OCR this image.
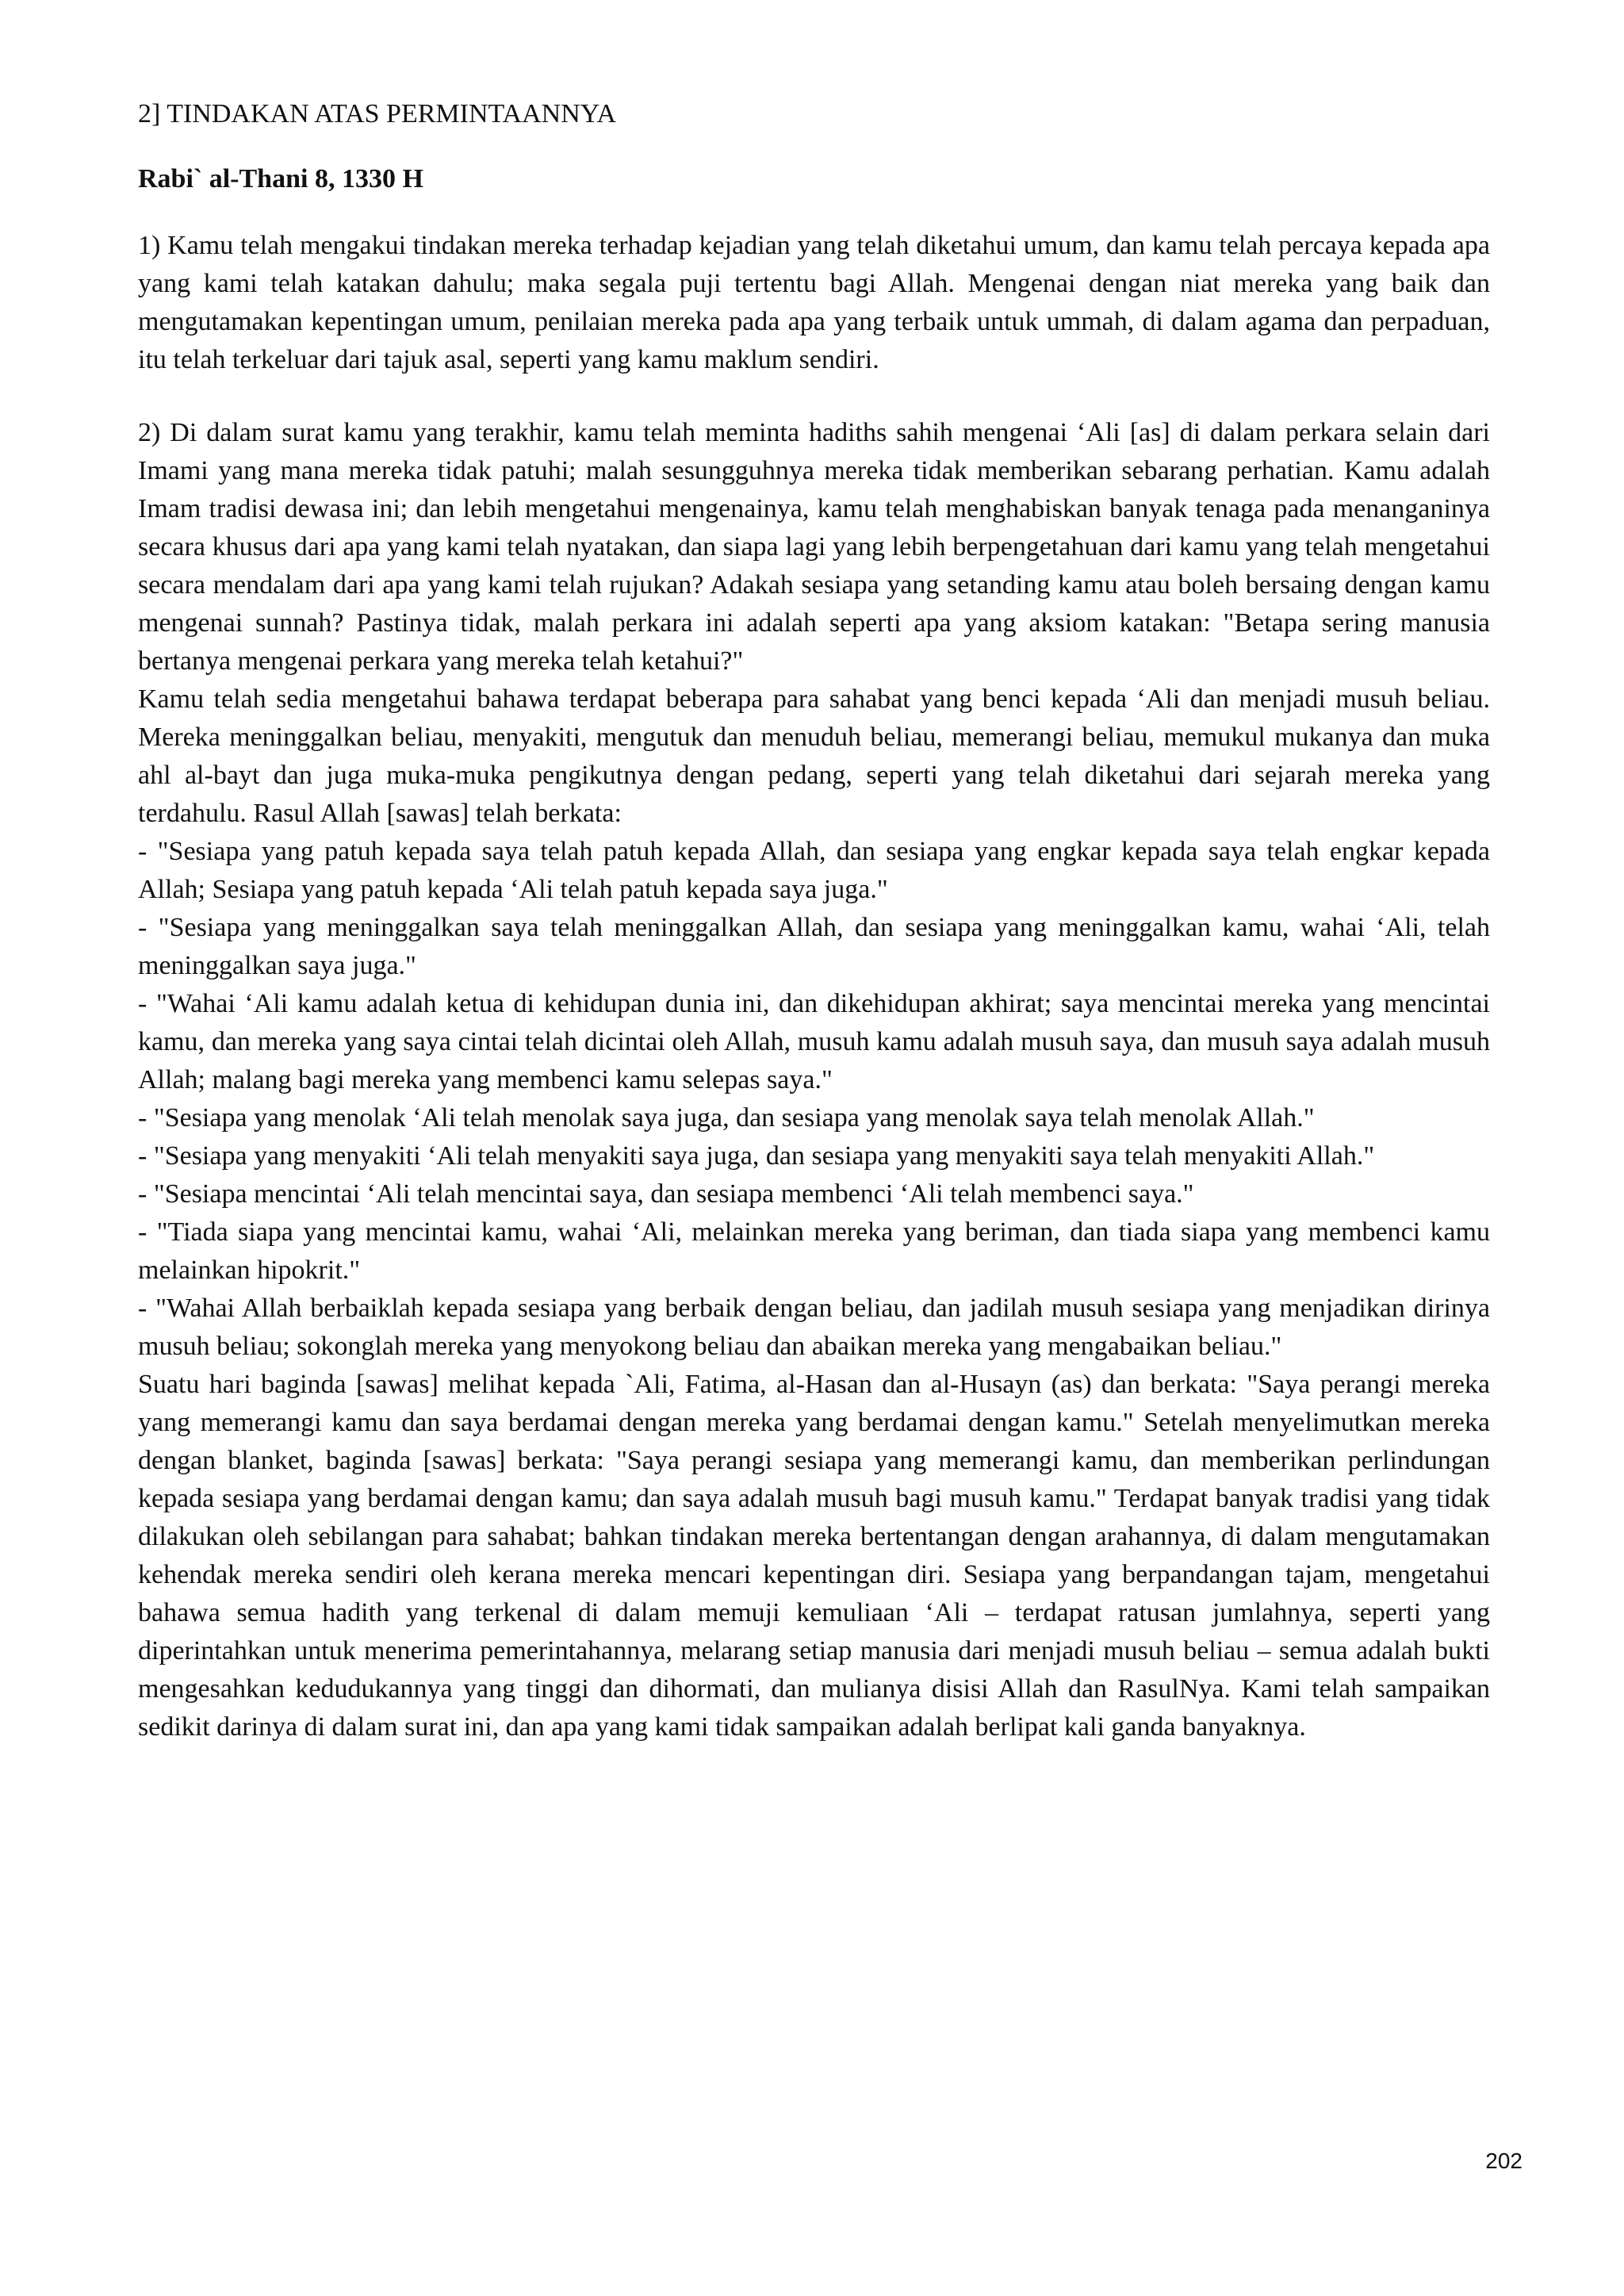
2] TINDAKAN ATAS PERMINTAANNYA
Rabi` al-Thani 8, 1330 H

1) Kamu telah mengakui tindakan mereka terhadap kejadian yang telah diketahui umum, dan kamu telah percaya kepada apa yang kami telah katakan dahulu; maka segala puji tertentu bagi Allah. Mengenai dengan niat mereka yang baik dan mengutamakan kepentingan umum, penilaian mereka pada apa yang terbaik untuk ummah, di dalam agama dan perpaduan, itu telah terkeluar dari tajuk asal, seperti yang kamu maklum sendiri.

2) Di dalam surat kamu yang terakhir, kamu telah meminta hadiths sahih mengenai ‘Ali [as] di dalam perkara selain dari Imami yang mana mereka tidak patuhi; malah sesungguhnya mereka tidak memberikan sebarang perhatian. Kamu adalah Imam tradisi dewasa ini; dan lebih mengetahui mengenainya, kamu telah menghabiskan banyak tenaga pada menanganinya secara khusus dari apa yang kami telah nyatakan, dan siapa lagi yang lebih berpengetahuan dari kamu yang telah mengetahui secara mendalam dari apa yang kami telah rujukan? Adakah sesiapa yang setanding kamu atau boleh bersaing dengan kamu mengenai sunnah? Pastinya tidak, malah perkara ini adalah seperti apa yang aksiom katakan: "Betapa sering manusia bertanya mengenai perkara yang mereka telah ketahui?"

Kamu telah sedia mengetahui bahawa terdapat beberapa para sahabat yang benci kepada ‘Ali dan menjadi musuh beliau. Mereka meninggalkan beliau, menyakiti, mengutuk dan menuduh beliau, memerangi beliau, memukul mukanya dan muka ahl al-bayt dan juga muka-muka pengikutnya dengan pedang, seperti yang telah diketahui dari sejarah mereka yang terdahulu. Rasul Allah [sawas] telah berkata:

- "Sesiapa yang patuh kepada saya telah patuh kepada Allah, dan sesiapa yang engkar kepada saya telah engkar kepada Allah; Sesiapa yang patuh kepada ‘Ali telah patuh kepada saya juga."

- "Sesiapa yang meninggalkan saya telah meninggalkan Allah, dan sesiapa yang meninggalkan kamu, wahai ‘Ali, telah meninggalkan saya juga."

- "Wahai ‘Ali kamu adalah ketua di kehidupan dunia ini, dan dikehidupan akhirat; saya mencintai mereka yang mencintai kamu, dan mereka yang saya cintai telah dicintai oleh Allah, musuh kamu adalah musuh saya, dan musuh saya adalah musuh Allah; malang bagi mereka yang membenci kamu selepas saya."

- "Sesiapa yang menolak ‘Ali telah menolak saya juga, dan sesiapa yang menolak saya telah menolak Allah."

- "Sesiapa yang menyakiti ‘Ali telah menyakiti saya juga, dan sesiapa yang menyakiti saya telah menyakiti Allah."

- "Sesiapa mencintai ‘Ali telah mencintai saya, dan sesiapa membenci ‘Ali telah membenci saya."

- "Tiada siapa yang mencintai kamu, wahai ‘Ali, melainkan mereka yang beriman, dan tiada siapa yang membenci kamu melainkan hipokrit."

- "Wahai Allah berbaiklah kepada sesiapa yang berbaik dengan beliau, dan jadilah musuh sesiapa yang menjadikan dirinya musuh beliau; sokonglah mereka yang menyokong beliau dan abaikan mereka yang mengabaikan beliau."

Suatu hari baginda [sawas] melihat kepada `Ali, Fatima, al-Hasan dan al-Husayn (as) dan berkata: "Saya perangi mereka yang memerangi kamu dan saya berdamai dengan mereka yang berdamai dengan kamu." Setelah menyelimutkan mereka dengan blanket, baginda [sawas] berkata: "Saya perangi sesiapa yang memerangi kamu, dan memberikan perlindungan kepada sesiapa yang berdamai dengan kamu; dan saya adalah musuh bagi musuh kamu." Terdapat banyak tradisi yang tidak dilakukan oleh sebilangan para sahabat; bahkan tindakan mereka bertentangan dengan arahannya, di dalam mengutamakan kehendak mereka sendiri oleh kerana mereka mencari kepentingan diri. Sesiapa yang berpandangan tajam, mengetahui bahawa semua hadith yang terkenal di dalam memuji kemuliaan ‘Ali – terdapat ratusan jumlahnya, seperti yang diperintahkan untuk menerima pemerintahannya, melarang setiap manusia dari menjadi musuh beliau – semua adalah bukti mengesahkan kedudukannya yang tinggi dan dihormati, dan mulianya disisi Allah dan RasulNya. Kami telah sampaikan sedikit darinya di dalam surat ini, dan apa yang kami tidak sampaikan adalah berlipat kali ganda banyaknya.

202
